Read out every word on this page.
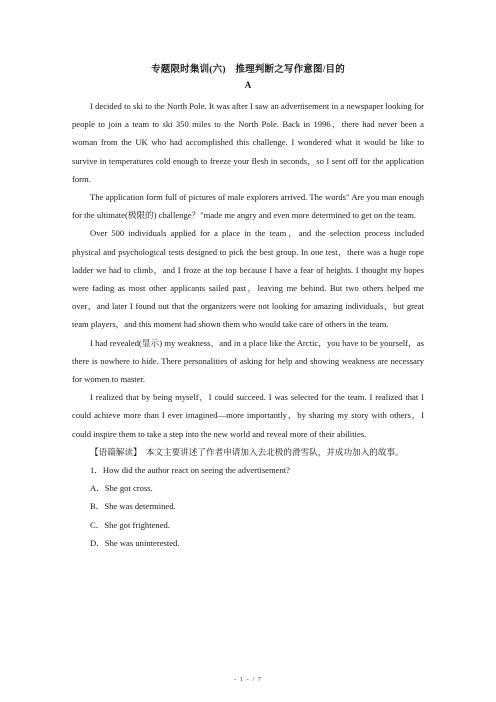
专题限时集训(六)　推理判断之写作意图/目的
A

I decided to ski to the North Pole. It was after I saw an advertisement in a newspaper looking for people to join a team to ski 350 miles to the North Pole. Back in 1996，there had never been a woman from the UK who had accomplished this challenge. I wondered what it would be like to survive in temperatures cold enough to freeze your flesh in seconds，so I sent off for the application form.

The application form full of pictures of male explorers arrived. The words" Are you man enough for the ultimate(极限的) challenge？"made me angry and even more determined to get on the team.

Over 500 individuals applied for a place in the team，and the selection process included physical and psychological tests designed to pick the best group. In one test，there was a huge rope ladder we had to climb，and I froze at the top because I have a fear of heights. I thought my hopes were fading as most other applicants sailed past，leaving me behind. But two others helped me over，and later I found out that the organizers were not looking for amazing individuals，but great team players，and this moment had shown them who would take care of others in the team.

I had revealed(显示) my weakness，and in a place like the Arctic，you have to be yourself，as there is nowhere to hide. There personalities of asking for help and showing weakness are necessary for women to master.

I realized that by being myself，I could succeed. I was selected for the team. I realized that I could achieve more than I ever imagined—more importantly，by sharing my story with others，I could inspire them to take a step into the new world and reveal more of their abilities.

【语篇解读】　本文主要讲述了作者申请加入去北极的滑雪队，并成功加入的故事。

1．How did the author react on seeing the advertisement?

A．She got cross.

B．She was determined.

C．She got frightened.

D．She was uninterested.

- 1 - / 7
